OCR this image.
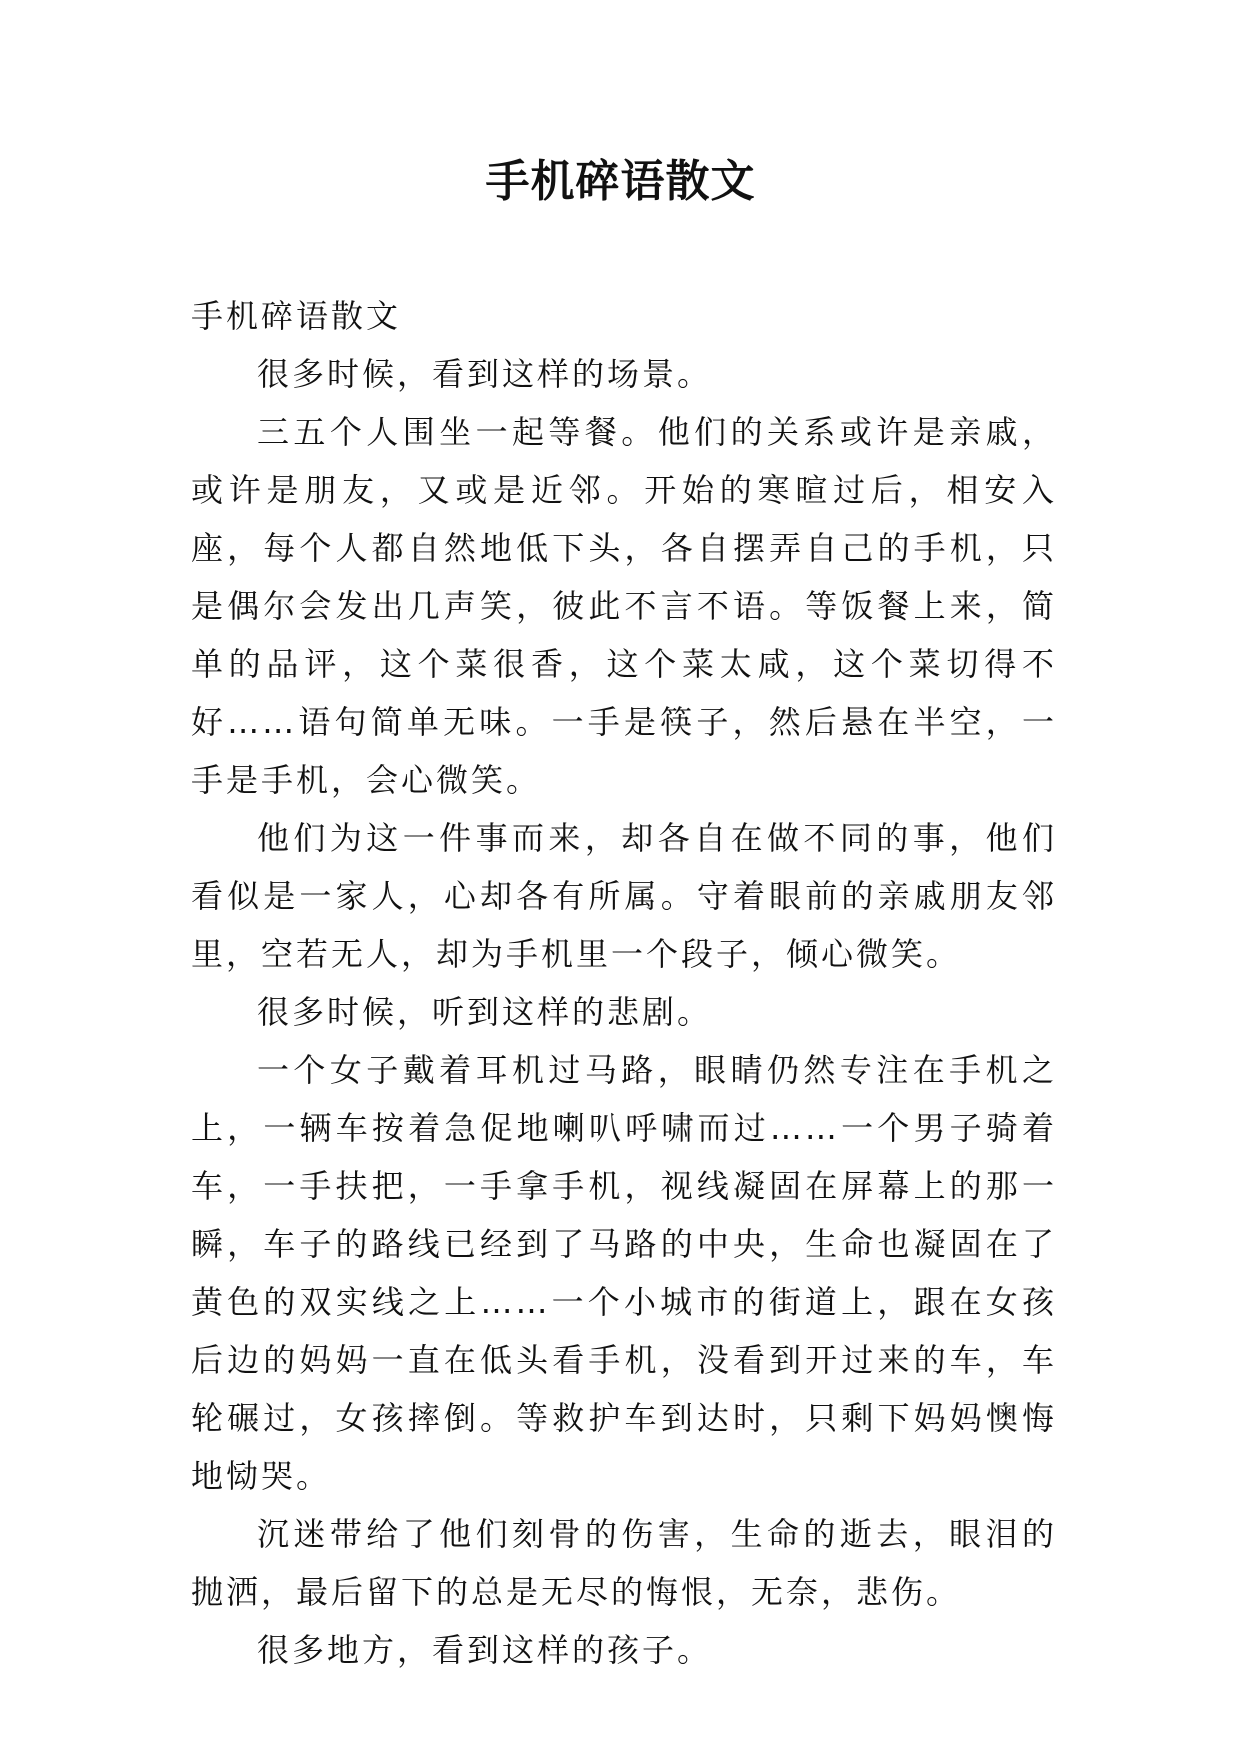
手机碎语散文

手机碎语散文

很多时候，看到这样的场景。

三五个人围坐一起等餐。他们的关系或许是亲戚，或许是朋友，又或是近邻。开始的寒暄过后，相安入座，每个人都自然地低下头，各自摆弄自己的手机，只是偶尔会发出几声笑，彼此不言不语。等饭餐上来，简单的品评，这个菜很香，这个菜太咸，这个菜切得不好……语句简单无味。一手是筷子，然后悬在半空，一手是手机，会心微笑。

他们为这一件事而来，却各自在做不同的事，他们看似是一家人，心却各有所属。守着眼前的亲戚朋友邻里，空若无人，却为手机里一个段子，倾心微笑。

很多时候，听到这样的悲剧。

一个女子戴着耳机过马路，眼睛仍然专注在手机之上，一辆车按着急促地喇叭呼啸而过……一个男子骑着车，一手扶把，一手拿手机，视线凝固在屏幕上的那一瞬，车子的路线已经到了马路的中央，生命也凝固在了黄色的双实线之上……一个小城市的街道上，跟在女孩后边的妈妈一直在低头看手机，没看到开过来的车，车轮碾过，女孩摔倒。等救护车到达时，只剩下妈妈懊悔地恸哭。

沉迷带给了他们刻骨的伤害，生命的逝去，眼泪的抛洒，最后留下的总是无尽的悔恨，无奈，悲伤。

很多地方，看到这样的孩子。
